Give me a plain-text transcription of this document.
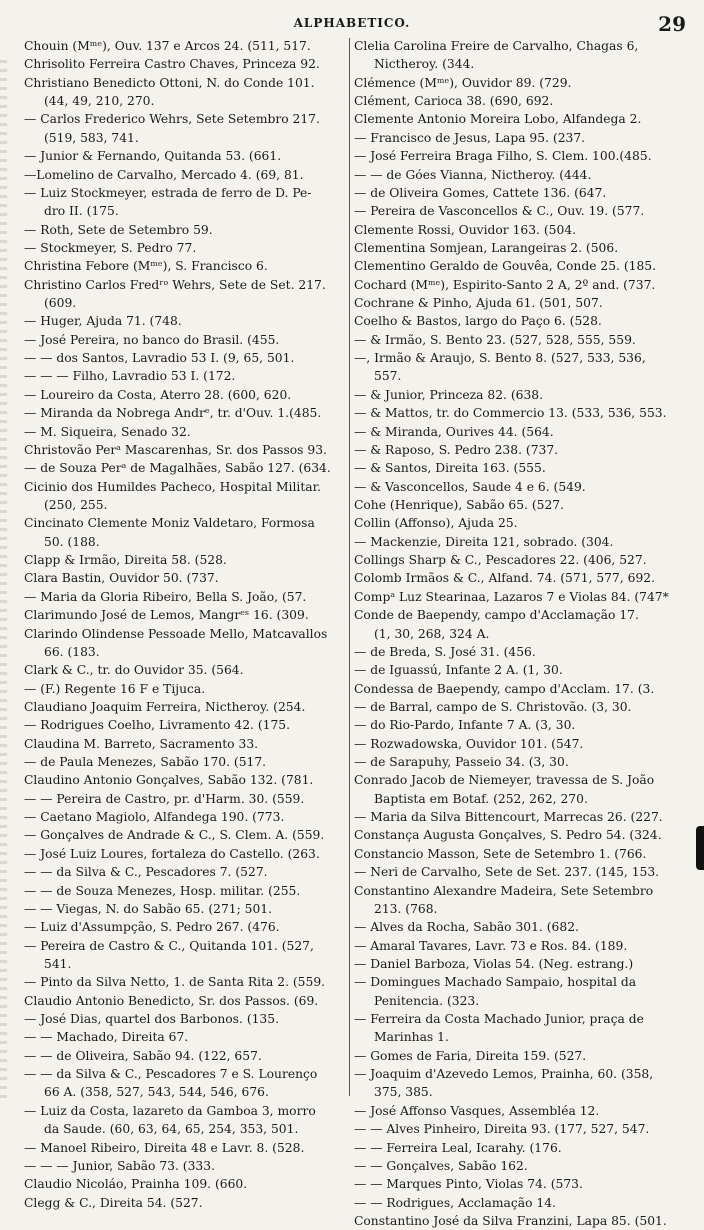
ALPHABETICO.	29
Chouin (Mᵐᵉ), Ouv. 137 e Arcos 24. (511, 517.
Chrisolito Ferreira Castro Chaves, Princeza 92.
Christiano Benedicto Ottoni, N. do Conde 101.
(44, 49, 210, 270.
— Carlos Frederico Wehrs, Sete Setembro 217.
(519, 583, 741.
— Junior & Fernando, Quitanda 53. (661.
—Lomelino de Carvalho, Mercado 4. (69, 81.
— Luiz Stockmeyer, estrada de ferro de D. Pe-
dro II. (175.
— Roth, Sete de Setembro 59.
— Stockmeyer, S. Pedro 77.
Christina Febore (Mᵐᵉ), S. Francisco 6.
Christino Carlos Fredʳᵒ Wehrs, Sete de Set. 217.
(609.
— Huger, Ajuda 71. (748.
— José Pereira, no banco do Brasil. (455.
— — dos Santos, Lavradio 53 I. (9, 65, 501.
— — — Filho, Lavradio 53 I. (172.
— Loureiro da Costa, Aterro 28. (600, 620.
— Miranda da Nobrega Andrᵉ, tr. d'Ouv. 1.(485.
— M. Siqueira, Senado 32.
Christovão Perᵃ Mascarenhas, Sr. dos Passos 93.
— de Souza Perᵃ de Magalhães, Sabão 127. (634.
Cicinio dos Humildes Pacheco, Hospital Militar.
(250, 255.
Cincinato Clemente Moniz Valdetaro, Formosa
50. (188.
Clapp & Irmão, Direita 58. (528.
Clara Bastin, Ouvidor 50. (737.
— Maria da Gloria Ribeiro, Bella S. João, (57.
Clarimundo José de Lemos, Mangrᵉˢ 16. (309.
Clarindo Olindense Pessoade Mello, Matcavallos
66. (183.
Clark & C., tr. do Ouvidor 35. (564.
— (F.) Regente 16 F e Tijuca.
Claudiano Joaquim Ferreira, Nictheroy. (254.
— Rodrigues Coelho, Livramento 42. (175.
Claudina M. Barreto, Sacramento 33.
— de Paula Menezes, Sabão 170. (517.
Claudino Antonio Gonçalves, Sabão 132. (781.
— — Pereira de Castro, pr. d'Harm. 30. (559.
— Caetano Magiolo, Alfandega 190. (773.
— Gonçalves de Andrade & C., S. Clem. A. (559.
— José Luiz Loures, fortaleza do Castello. (263.
— — da Silva & C., Pescadores 7. (527.
— — de Souza Menezes, Hosp. militar. (255.
— — Viegas, N. do Sabão 65. (271; 501.
— Luiz d'Assumpção, S. Pedro 267. (476.
— Pereira de Castro & C., Quitanda 101. (527,
541.
— Pinto da Silva Netto, 1. de Santa Rita 2. (559.
Claudio Antonio Benedicto, Sr. dos Passos. (69.
— José Dias, quartel dos Barbonos. (135.
— — Machado, Direita 67.
— — de Oliveira, Sabão 94. (122, 657.
— — da Silva & C., Pescadores 7 e S. Lourenço
66 A. (358, 527, 543, 544, 546, 676.
— Luiz da Costa, lazareto da Gamboa 3, morro
da Saude. (60, 63, 64, 65, 254, 353, 501.
— Manoel Ribeiro, Direita 48 e Lavr. 8. (528.
— — — Junior, Sabão 73. (333.
Claudio Nicoláo, Prainha 109. (660.
Clegg & C., Direita 54. (527.
Clelia Carolina Freire de Carvalho, Chagas 6,
Nictheroy. (344.
Clémence (Mᵐᵉ), Ouvidor 89. (729.
Clément, Carioca 38. (690, 692.
Clemente Antonio Moreira Lobo, Alfandega 2.
— Francisco de Jesus, Lapa 95. (237.
— José Ferreira Braga Filho, S. Clem. 100.(485.
— — de Góes Vianna, Nictheroy. (444.
— de Oliveira Gomes, Cattete 136. (647.
— Pereira de Vasconcellos & C., Ouv. 19. (577.
Clemente Rossi, Ouvidor 163. (504.
Clementina Somjean, Larangeiras 2. (506.
Clementino Geraldo de Gouvêa, Conde 25. (185.
Cochard (Mᵐᵉ), Espirito-Santo 2 A, 2º and. (737.
Cochrane & Pinho, Ajuda 61. (501, 507.
Coelho & Bastos, largo do Paço 6. (528.
— & Irmão, S. Bento 23. (527, 528, 555, 559.
—, Irmão & Araujo, S. Bento 8. (527, 533, 536,
557.
— & Junior, Princeza 82. (638.
— & Mattos, tr. do Commercio 13. (533, 536, 553.
— & Miranda, Ourives 44. (564.
— & Raposo, S. Pedro 238. (737.
— & Santos, Direita 163. (555.
— & Vasconcellos, Saude 4 e 6. (549.
Cohe (Henrique), Sabão 65. (527.
Collin (Affonso), Ajuda 25.
— Mackenzie, Direita 121, sobrado. (304.
Collings Sharp & C., Pescadores 22. (406, 527.
Colomb Irmãos & C., Alfand. 74. (571, 577, 692.
Compᵃ Luz Stearinaa, Lazaros 7 e Violas 84. (747*
Conde de Baependy, campo d'Acclamação 17.
(1, 30, 268, 324 A.
— de Breda, S. José 31. (456.
— de Iguassú, Infante 2 A. (1, 30.
Condessa de Baependy, campo d'Acclam. 17. (3.
— de Barral, campo de S. Christovão. (3, 30.
— do Rio-Pardo, Infante 7 A. (3, 30.
— Rozwadowska, Ouvidor 101. (547.
— de Sarapuhy, Passeio 34. (3, 30.
Conrado Jacob de Niemeyer, travessa de S. João
Baptista em Botaf. (252, 262, 270.
— Maria da Silva Bittencourt, Marrecas 26. (227.
Constança Augusta Gonçalves, S. Pedro 54. (324.
Constancio Masson, Sete de Setembro 1. (766.
— Neri de Carvalho, Sete de Set. 237. (145, 153.
Constantino Alexandre Madeira, Sete Setembro
213. (768.
— Alves da Rocha, Sabão 301. (682.
— Amaral Tavares, Lavr. 73 e Ros. 84. (189.
— Daniel Barboza, Violas 54. (Neg. estrang.)
— Domingues Machado Sampaio, hospital da
Penitencia. (323.
— Ferreira da Costa Machado Junior, praça de
Marinhas 1.
— Gomes de Faria, Direita 159. (527.
— Joaquim d'Azevedo Lemos, Prainha, 60. (358,
375, 385.
— José Affonso Vasques, Assembléa 12.
— — Alves Pinheiro, Direita 93. (177, 527, 547.
— — Ferreira Leal, Icarahy. (176.
— — Gonçalves, Sabão 162.
— — Marques Pinto, Violas 74. (573.
— — Rodrigues, Acclamação 14.
Constantino José da Silva Franzini, Lapa 85. (501.
